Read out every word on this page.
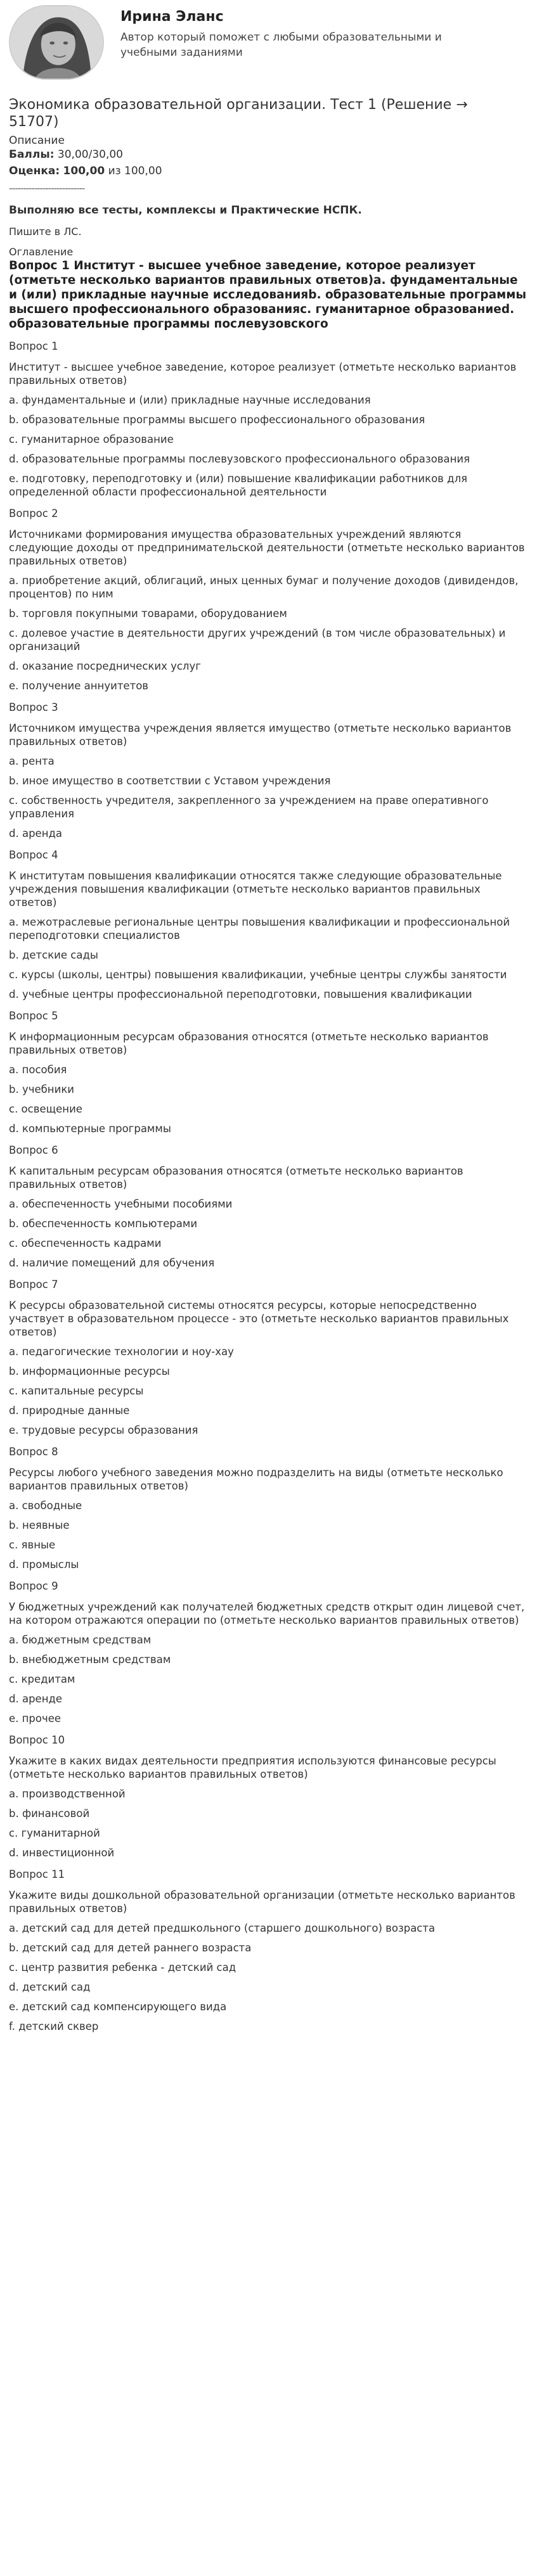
Ирина Эланс
Автор который поможет с любыми образовательными и учебными заданиями
Экономика образовательной организации. Тест 1 (Решение → 51707)
Описание
Баллы: 30,00/30,00
Оценка: 100,00 из 100,00
---------------------------
Выполняю все тесты, комплексы и Практические НСПК.
Пишите в ЛС.
Оглавление
Вопрос 1 Институт - высшее учебное заведение, которое реализует (отметьте несколько вариантов правильных ответов)a. фундаментальные и (или) прикладные научные исследованияb. образовательные программы высшего профессионального образованияc. гуманитарное образованиеd. образовательные программы послевузовского
Вопрос 1
Институт - высшее учебное заведение, которое реализует (отметьте несколько вариантов правильных ответов)
a. фундаментальные и (или) прикладные научные исследования
b. образовательные программы высшего профессионального образования
c. гуманитарное образование
d. образовательные программы послевузовского профессионального образования
e. подготовку, переподготовку и (или) повышение квалификации работников для определенной области профессиональной деятельности
Вопрос 2
Источниками формирования имущества образовательных учреждений являются следующие доходы от предпринимательской деятельности (отметьте несколько вариантов правильных ответов)
a. приобретение акций, облигаций, иных ценных бумаг и получение доходов (дивидендов, процентов) по ним
b. торговля покупными товарами, оборудованием
c. долевое участие в деятельности других учреждений (в том числе образовательных) и организаций
d. оказание посреднических услуг
e. получение аннуитетов
Вопрос 3
Источником имущества учреждения является имущество (отметьте несколько вариантов правильных ответов)
a. рента
b. иное имущество в соответствии с Уставом учреждения
c. собственность учредителя, закрепленного за учреждением на праве оперативного управления
d. аренда
Вопрос 4
К институтам повышения квалификации относятся также следующие образовательные учреждения повышения квалификации (отметьте несколько вариантов правильных ответов)
a. межотраслевые региональные центры повышения квалификации и профессиональной переподготовки специалистов
b. детские сады
c. курсы (школы, центры) повышения квалификации, учебные центры службы занятости
d. учебные центры профессиональной переподготовки, повышения квалификации
Вопрос 5
К информационным ресурсам образования относятся (отметьте несколько вариантов правильных ответов)
a. пособия
b. учебники
c. освещение
d. компьютерные программы
Вопрос 6
К капитальным ресурсам образования относятся (отметьте несколько вариантов правильных ответов)
a. обеспеченность учебными пособиями
b. обеспеченность компьютерами
c. обеспеченность кадрами
d. наличие помещений для обучения
Вопрос 7
К ресурсы образовательной системы относятся ресурсы, которые непосредственно участвует в образовательном процессе - это (отметьте несколько вариантов правильных ответов)
a. педагогические технологии и ноу-хау
b. информационные ресурсы
c. капитальные ресурсы
d. природные данные
e. трудовые ресурсы образования
Вопрос 8
Ресурсы любого учебного заведения можно подразделить на виды (отметьте несколько вариантов правильных ответов)
a. свободные
b. неявные
c. явные
d. промыслы
Вопрос 9
У бюджетных учреждений как получателей бюджетных средств открыт один лицевой счет, на котором отражаются операции по (отметьте несколько вариантов правильных ответов)
a. бюджетным средствам
b. внебюджетным средствам
c. кредитам
d. аренде
e. прочее
Вопрос 10
Укажите в каких видах деятельности предприятия используются финансовые ресурсы (отметьте несколько вариантов правильных ответов)
a. производственной
b. финансовой
c. гуманитарной
d. инвестиционной
Вопрос 11
Укажите виды дошкольной образовательной организации (отметьте несколько вариантов правильных ответов)
a. детский сад для детей предшкольного (старшего дошкольного) возраста
b. детский сад для детей раннего возраста
c. центр развития ребенка - детский сад
d. детский сад
e. детский сад компенсирующего вида
f. детский сквер
